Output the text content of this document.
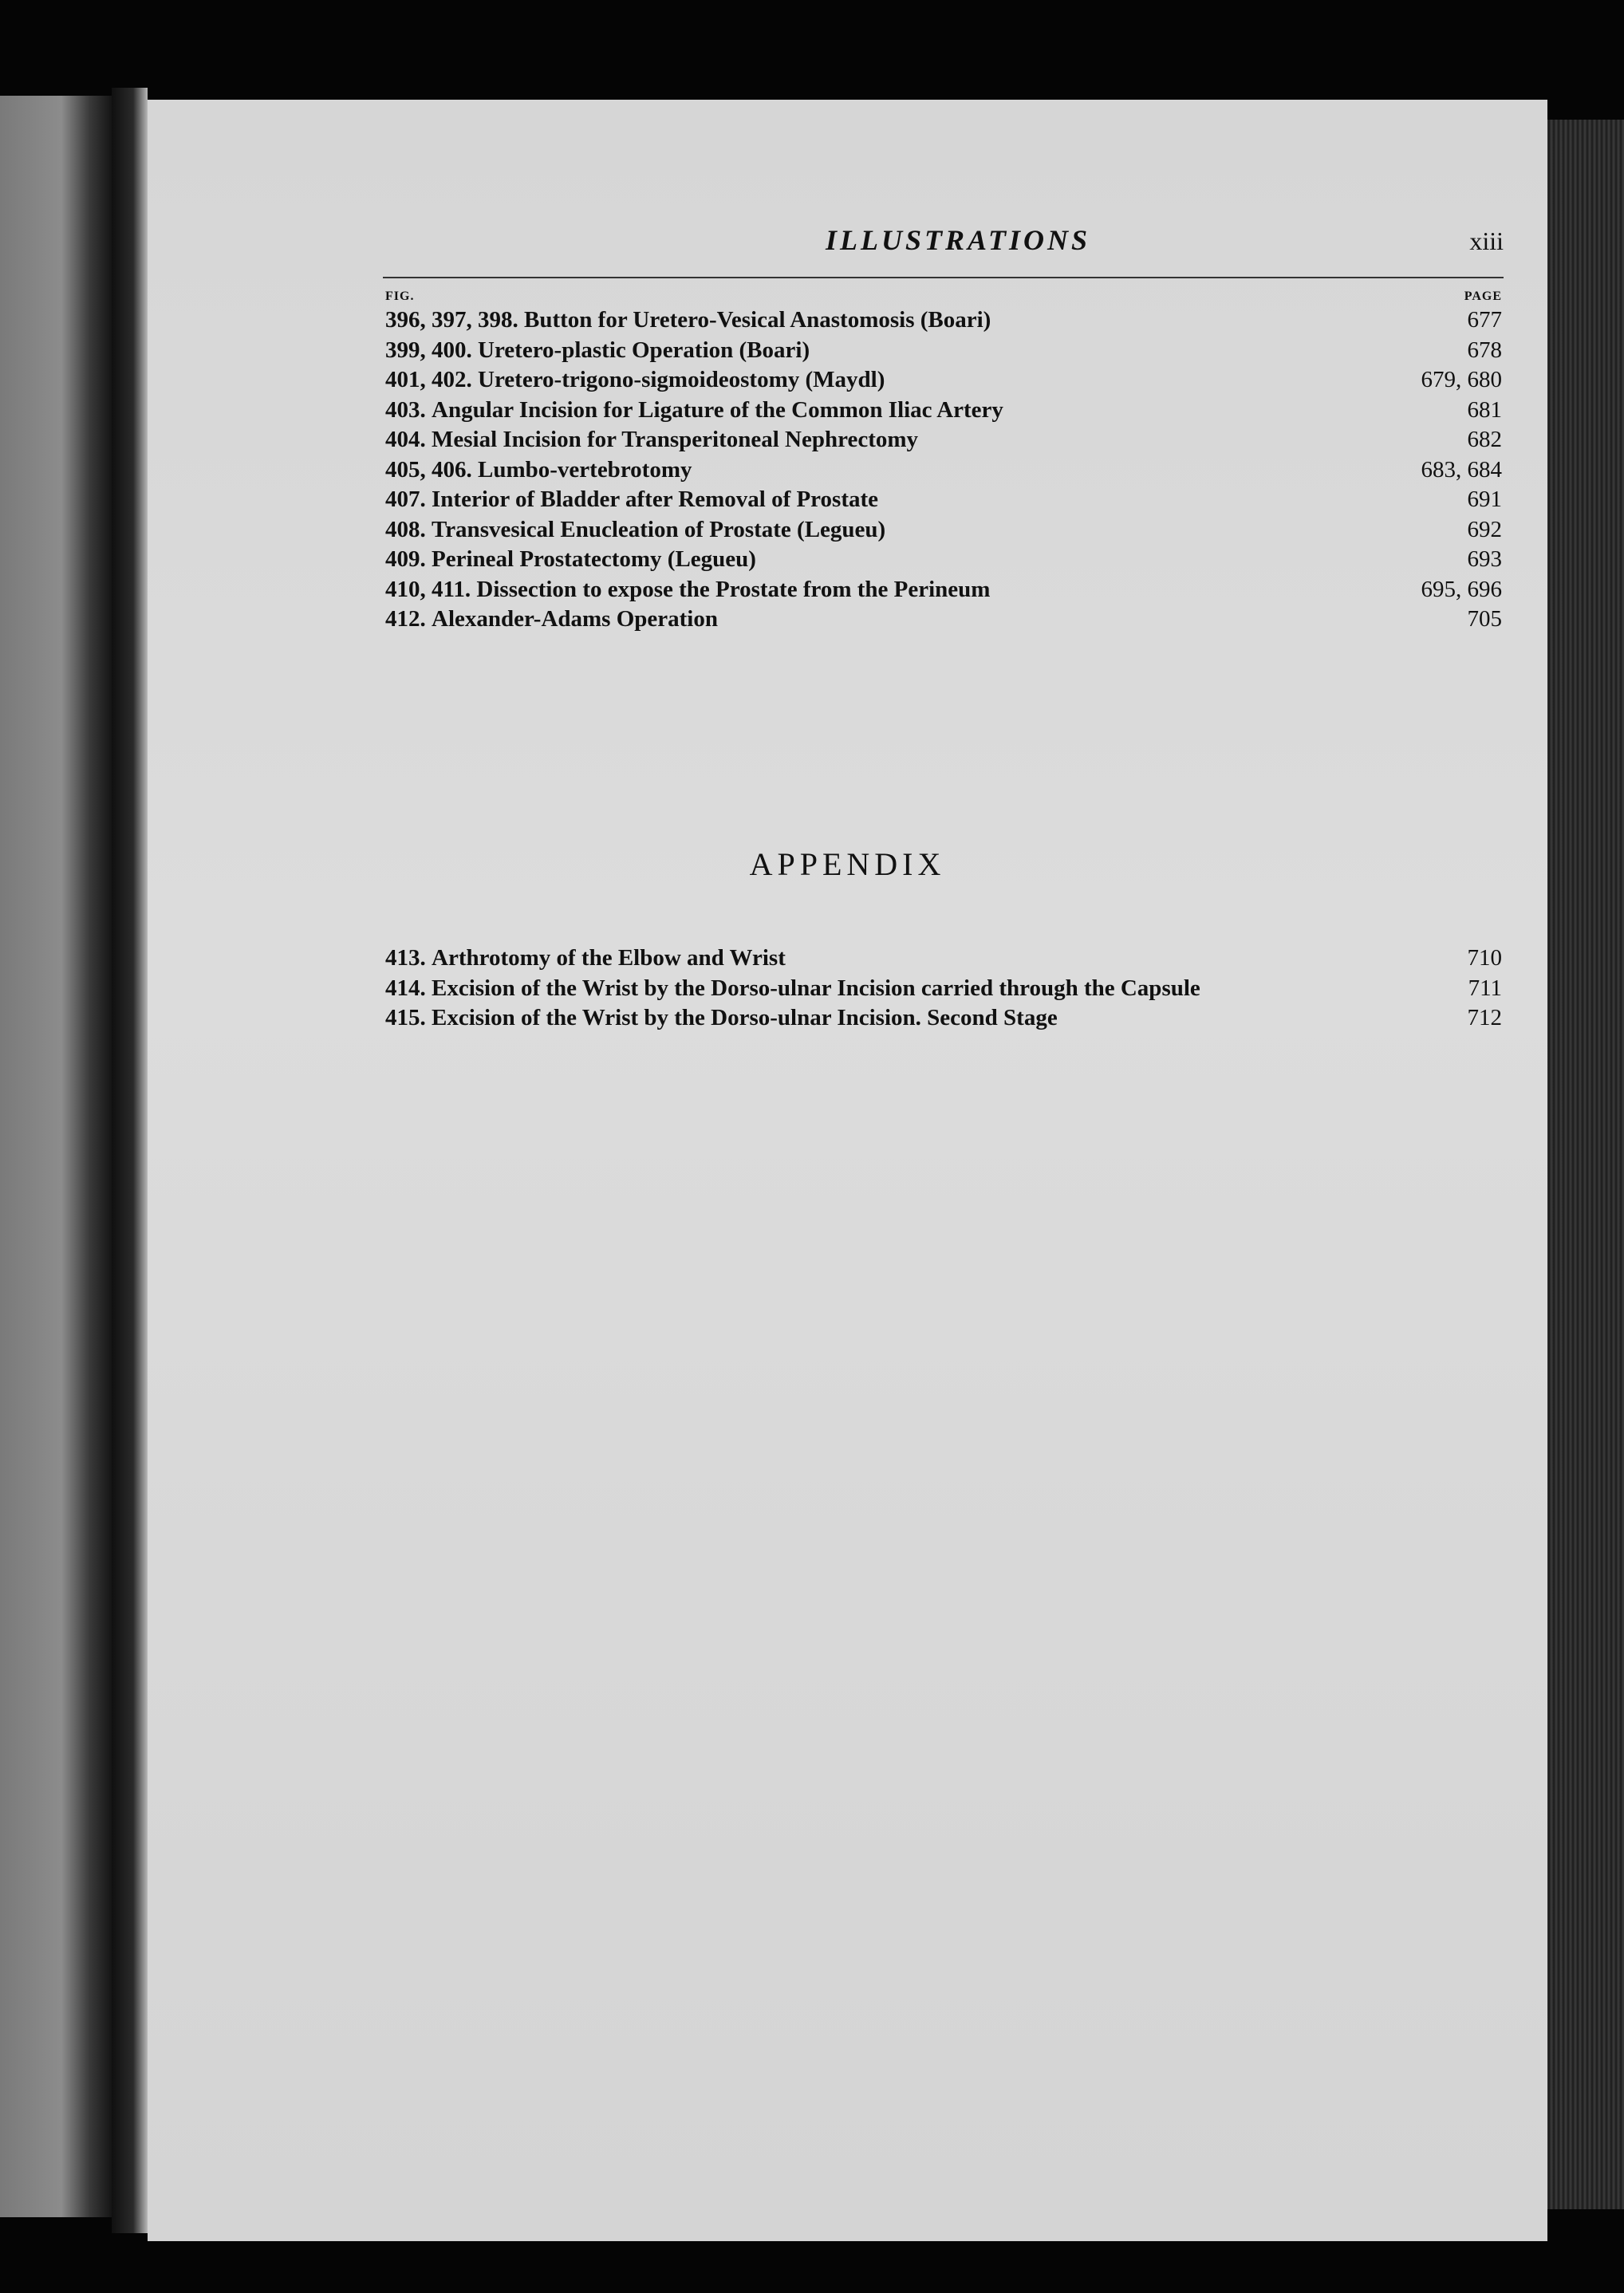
ILLUSTRATIONS	xiii
FIG.	PAGE
396, 397, 398. Button for Uretero-Vesical Anastomosis (Boari)	677
399, 400. Uretero-plastic Operation (Boari)	678
401, 402. Uretero-trigono-sigmoideostomy (Maydl)	679, 680
403. Angular Incision for Ligature of the Common Iliac Artery	681
404. Mesial Incision for Transperitoneal Nephrectomy	682
405, 406. Lumbo-vertebrotomy	683, 684
407. Interior of Bladder after Removal of Prostate	691
408. Transvesical Enucleation of Prostate (Legueu)	692
409. Perineal Prostatectomy (Legueu)	693
410, 411. Dissection to expose the Prostate from the Perineum	695, 696
412. Alexander-Adams Operation	705
APPENDIX
413. Arthrotomy of the Elbow and Wrist	710
414. Excision of the Wrist by the Dorso-ulnar Incision carried through the Capsule	711
415. Excision of the Wrist by the Dorso-ulnar Incision. Second Stage	712
